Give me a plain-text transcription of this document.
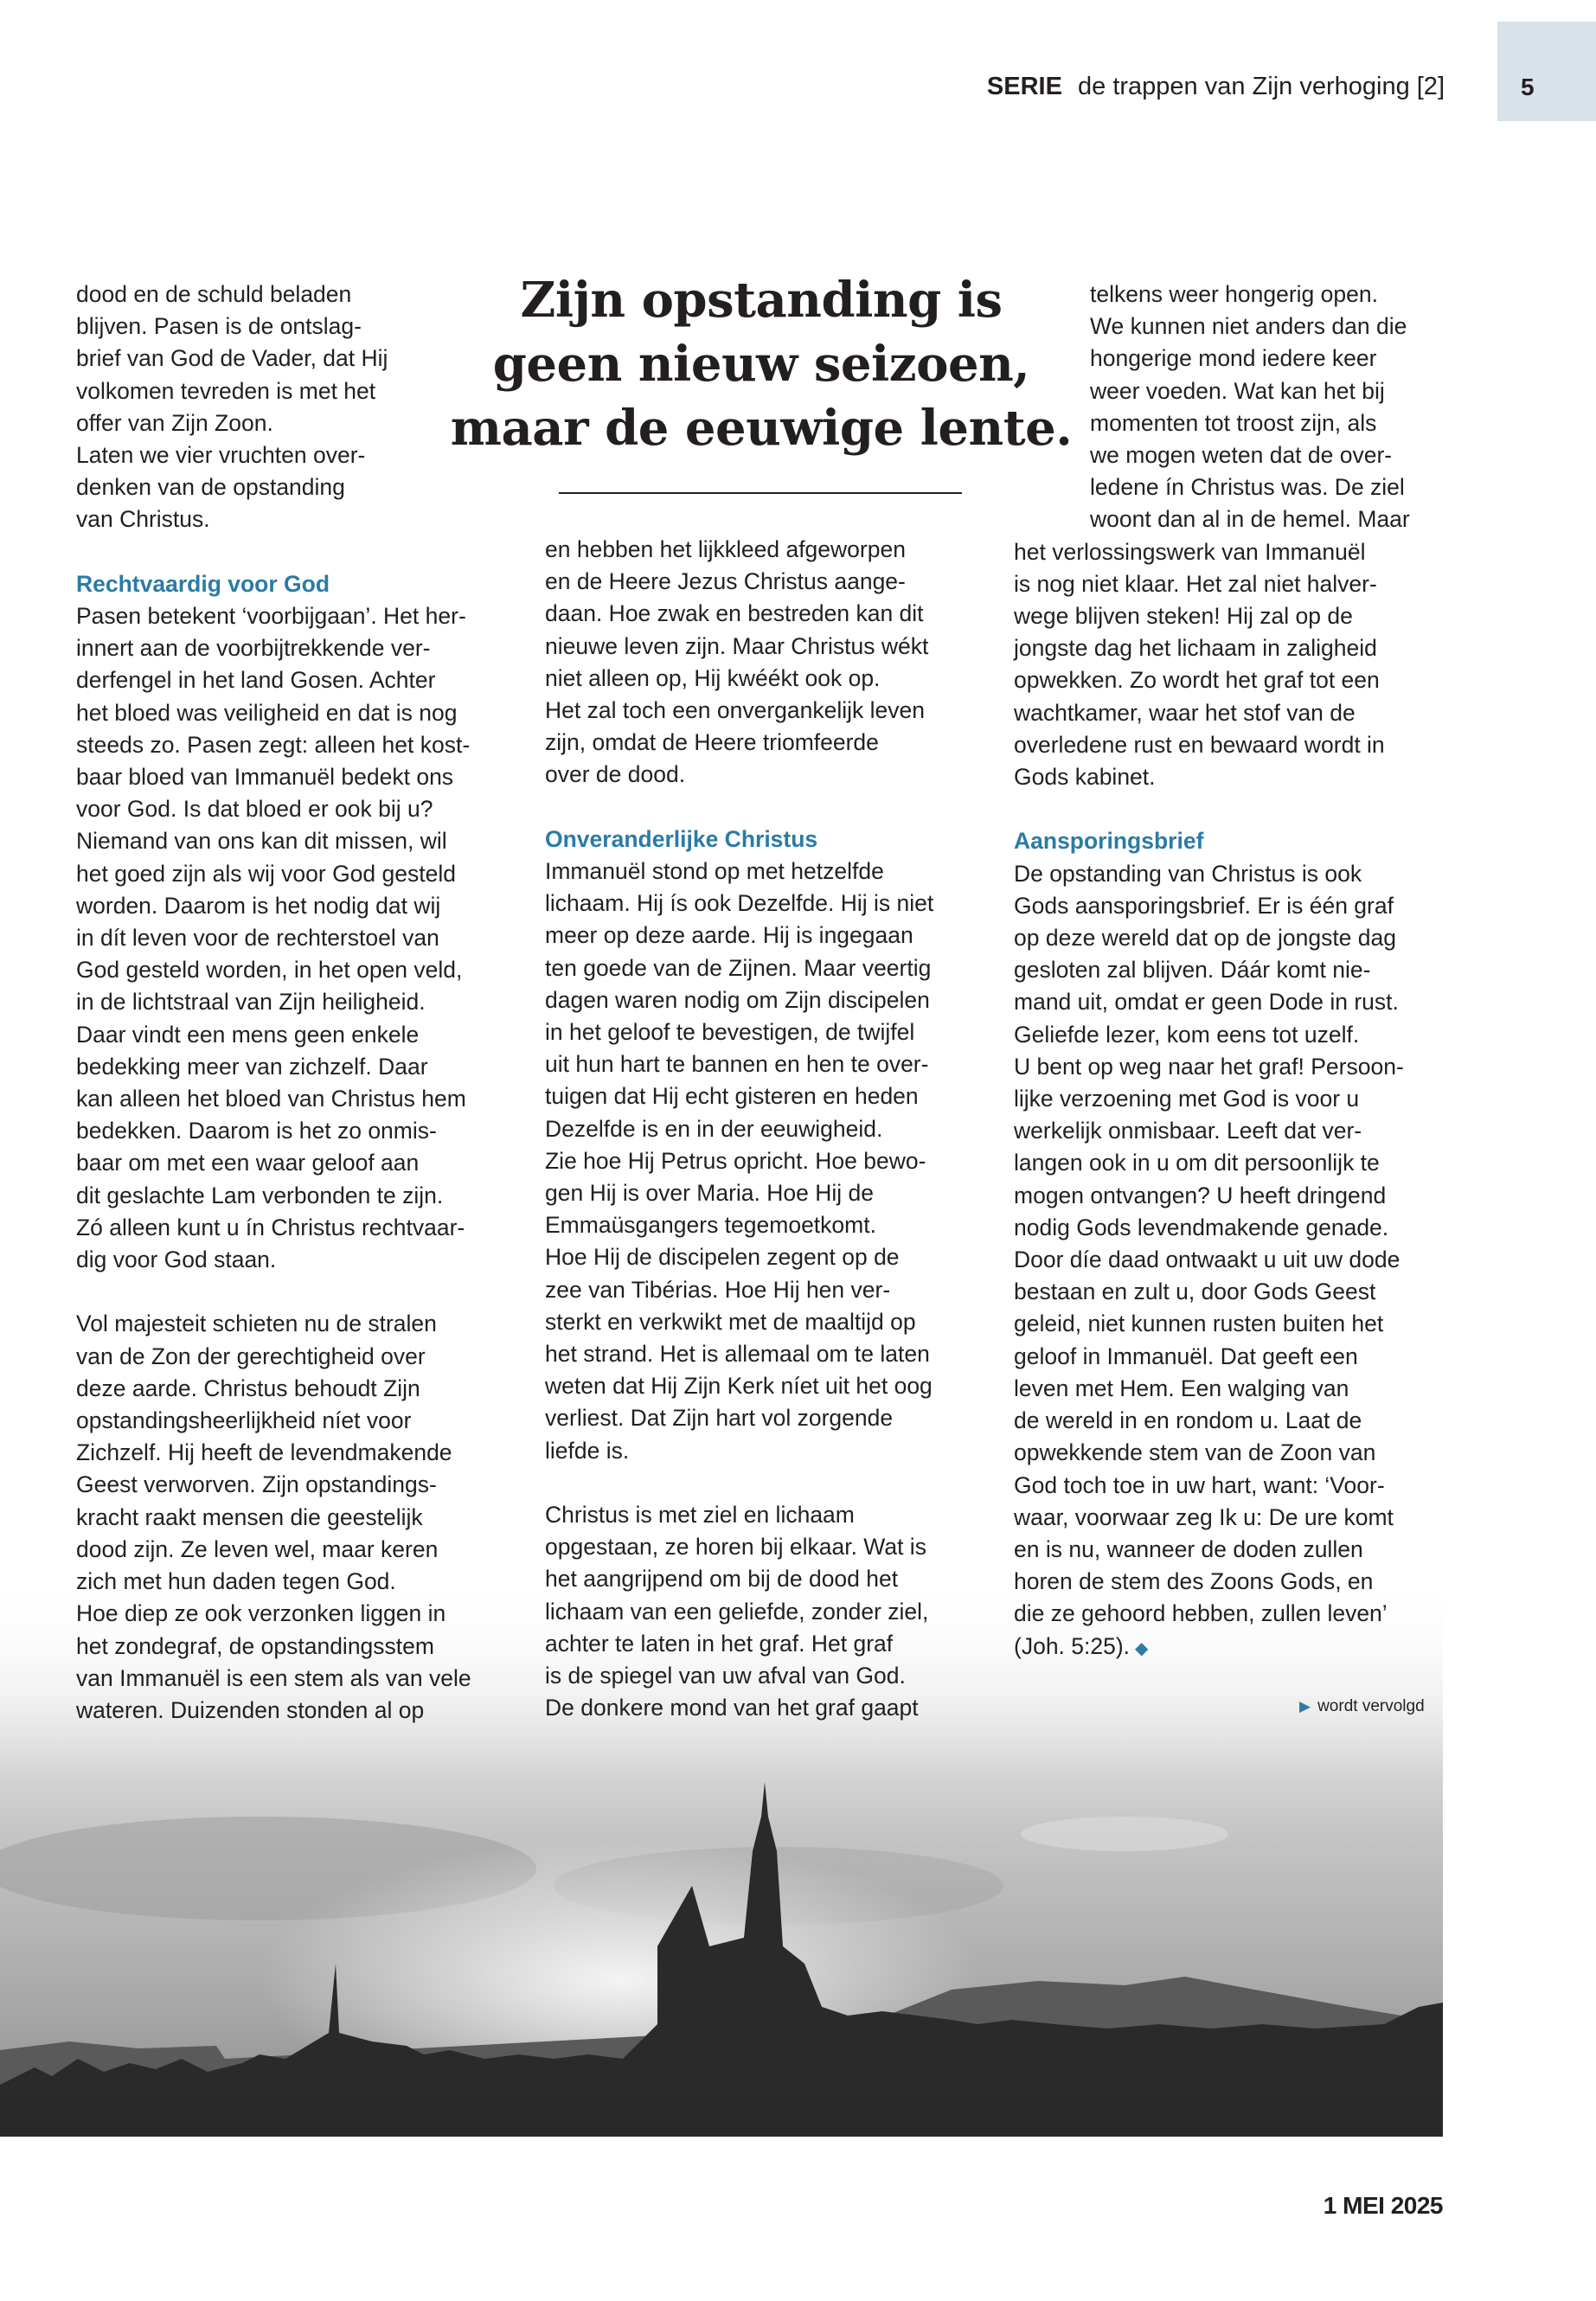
SERIE de trappen van Zijn verhoging [2]	5
Zijn opstanding is
geen nieuw seizoen,
maar de eeuwige lente.

dood en de schuld beladen
blijven. Pasen is de ontslag-
brief van God de Vader, dat Hij
volkomen tevreden is met het
offer van Zijn Zoon.
Laten we vier vruchten over-
denken van de opstanding
van Christus.

Rechtvaardig voor God

Pasen betekent ‘voorbijgaan’. Het her-
innert aan de voorbijtrekkende ver-
derfengel in het land Gosen. Achter
het bloed was veiligheid en dat is nog
steeds zo. Pasen zegt: alleen het kost-
baar bloed van Immanuël bedekt ons
voor God. Is dat bloed er ook bij u?
Niemand van ons kan dit missen, wil
het goed zijn als wij voor God gesteld
worden. Daarom is het nodig dat wij
in dít leven voor de rechterstoel van
God gesteld worden, in het open veld,
in de lichtstraal van Zijn heiligheid.
Daar vindt een mens geen enkele
bedekking meer van zichzelf. Daar
kan alleen het bloed van Christus hem
bedekken. Daarom is het zo onmis-
baar om met een waar geloof aan
dit geslachte Lam verbonden te zijn.
Zó alleen kunt u ín Christus rechtvaar-
dig voor God staan.

Vol majesteit schieten nu de stralen
van de Zon der gerechtigheid over
deze aarde. Christus behoudt Zijn
opstandingsheerlijkheid níet voor
Zichzelf. Hij heeft de levendmakende
Geest verworven. Zijn opstandings-
kracht raakt mensen die geestelijk
dood zijn. Ze leven wel, maar keren
zich met hun daden tegen God.
Hoe diep ze ook verzonken liggen in
het zondegraf, de opstandingsstem
van Immanuël is een stem als van vele
wateren. Duizenden stonden al op

en hebben het lijkkleed afgeworpen
en de Heere Jezus Christus aange-
daan. Hoe zwak en bestreden kan dit
nieuwe leven zijn. Maar Christus wékt
niet alleen op, Hij kwéékt ook op.
Het zal toch een onvergankelijk leven
zijn, omdat de Heere triomfeerde
over de dood.

Onveranderlijke Christus

Immanuël stond op met hetzelfde
lichaam. Hij ís ook Dezelfde. Hij is niet
meer op deze aarde. Hij is ingegaan
ten goede van de Zijnen. Maar veertig
dagen waren nodig om Zijn discipelen
in het geloof te bevestigen, de twijfel
uit hun hart te bannen en hen te over-
tuigen dat Hij echt gisteren en heden
Dezelfde is en in der eeuwigheid.
Zie hoe Hij Petrus opricht. Hoe bewo-
gen Hij is over Maria. Hoe Hij de
Emmaüsgangers tegemoetkomt.
Hoe Hij de discipelen zegent op de
zee van Tibérias. Hoe Hij hen ver-
sterkt en verkwikt met de maaltijd op
het strand. Het is allemaal om te laten
weten dat Hij Zijn Kerk níet uit het oog
verliest. Dat Zijn hart vol zorgende
liefde is.

Christus is met ziel en lichaam
opgestaan, ze horen bij elkaar. Wat is
het aangrijpend om bij de dood het
lichaam van een geliefde, zonder ziel,
achter te laten in het graf. Het graf
is de spiegel van uw afval van God.
De donkere mond van het graf gaapt

telkens weer hongerig open.
We kunnen niet anders dan die
hongerige mond iedere keer
weer voeden. Wat kan het bij
momenten tot troost zijn, als
we mogen weten dat de over-
ledene ín Christus was. De ziel
woont dan al in de hemel. Maar

het verlossingswerk van Immanuël
is nog niet klaar. Het zal niet halver-
wege blijven steken! Hij zal op de
jongste dag het lichaam in zaligheid
opwekken. Zo wordt het graf tot een
wachtkamer, waar het stof van de
overledene rust en bewaard wordt in
Gods kabinet.

Aansporingsbrief

De opstanding van Christus is ook
Gods aansporingsbrief. Er is één graf
op deze wereld dat op de jongste dag
gesloten zal blijven. Dáár komt nie-
mand uit, omdat er geen Dode in rust.
Geliefde lezer, kom eens tot uzelf.
U bent op weg naar het graf! Persoon-
lijke verzoening met God is voor u
werkelijk onmisbaar. Leeft dat ver-
langen ook in u om dit persoonlijk te
mogen ontvangen? U heeft dringend
nodig Gods levendmakende genade.
Door díe daad ontwaakt u uit uw dode
bestaan en zult u, door Gods Geest
geleid, niet kunnen rusten buiten het
geloof in Immanuël. Dat geeft een
leven met Hem. Een walging van
de wereld in en rondom u. Laat de
opwekkende stem van de Zoon van
God toch toe in uw hart, want: ‘Voor-
waar, voorwaar zeg Ik u: De ure komt
en is nu, wanneer de doden zullen
horen de stem des Zoons Gods, en
die ze gehoord hebben, zullen leven’
(Joh. 5:25). ◆

▶ wordt vervolgd
1 MEI 2025
